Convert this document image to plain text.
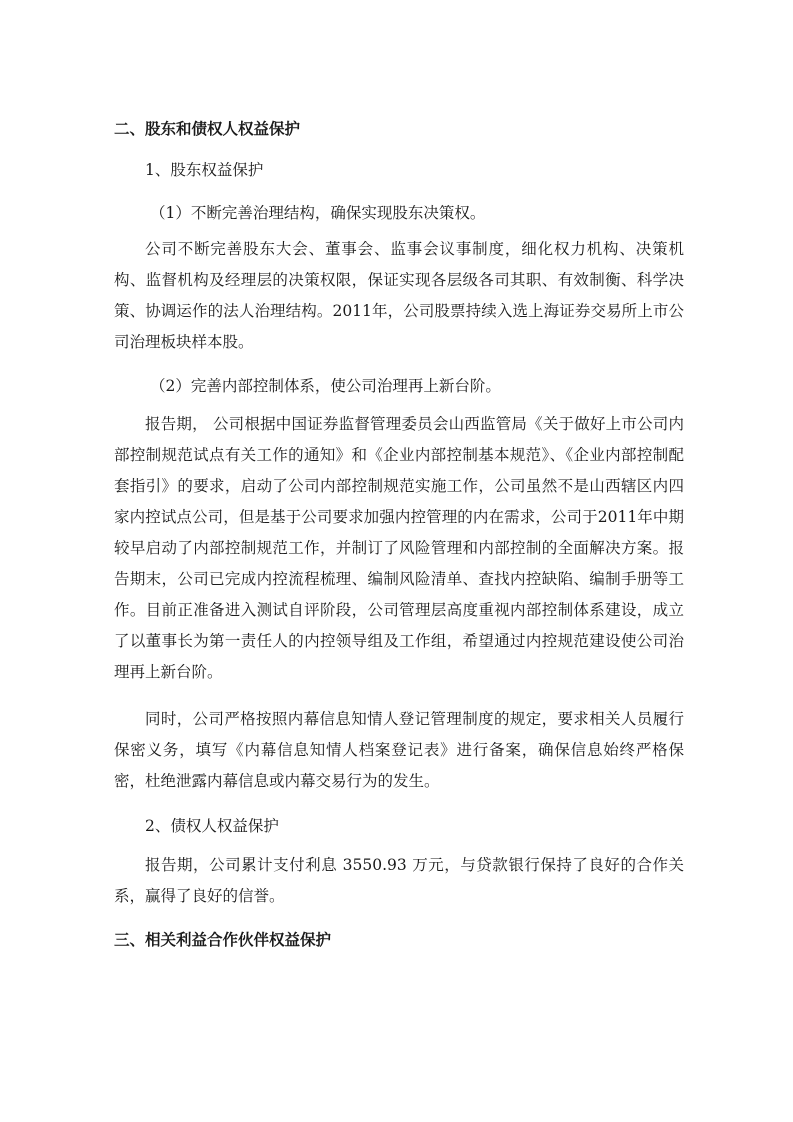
二、股东和债权人权益保护

1、股东权益保护

（1）不断完善治理结构，确保实现股东决策权。

公司不断完善股东大会、董事会、监事会议事制度，细化权力机构、决策机构、监督机构及经理层的决策权限，保证实现各层级各司其职、有效制衡、科学决策、协调运作的法人治理结构。2011年，公司股票持续入选上海证券交易所上市公司治理板块样本股。

（2）完善内部控制体系，使公司治理再上新台阶。

报告期， 公司根据中国证券监督管理委员会山西监管局《关于做好上市公司内部控制规范试点有关工作的通知》和《企业内部控制基本规范》、《企业内部控制配套指引》的要求，启动了公司内部控制规范实施工作，公司虽然不是山西辖区内四家内控试点公司，但是基于公司要求加强内控管理的内在需求，公司于2011年中期较早启动了内部控制规范工作，并制订了风险管理和内部控制的全面解决方案。报告期末，公司已完成内控流程梳理、编制风险清单、查找内控缺陷、编制手册等工作。目前正准备进入测试自评阶段，公司管理层高度重视内部控制体系建设，成立了以董事长为第一责任人的内控领导组及工作组，希望通过内控规范建设使公司治理再上新台阶。

同时，公司严格按照内幕信息知情人登记管理制度的规定，要求相关人员履行保密义务，填写《内幕信息知情人档案登记表》进行备案，确保信息始终严格保密，杜绝泄露内幕信息或内幕交易行为的发生。

2、债权人权益保护

报告期，公司累计支付利息 3550.93 万元，与贷款银行保持了良好的合作关系，赢得了良好的信誉。

三、相关利益合作伙伴权益保护
